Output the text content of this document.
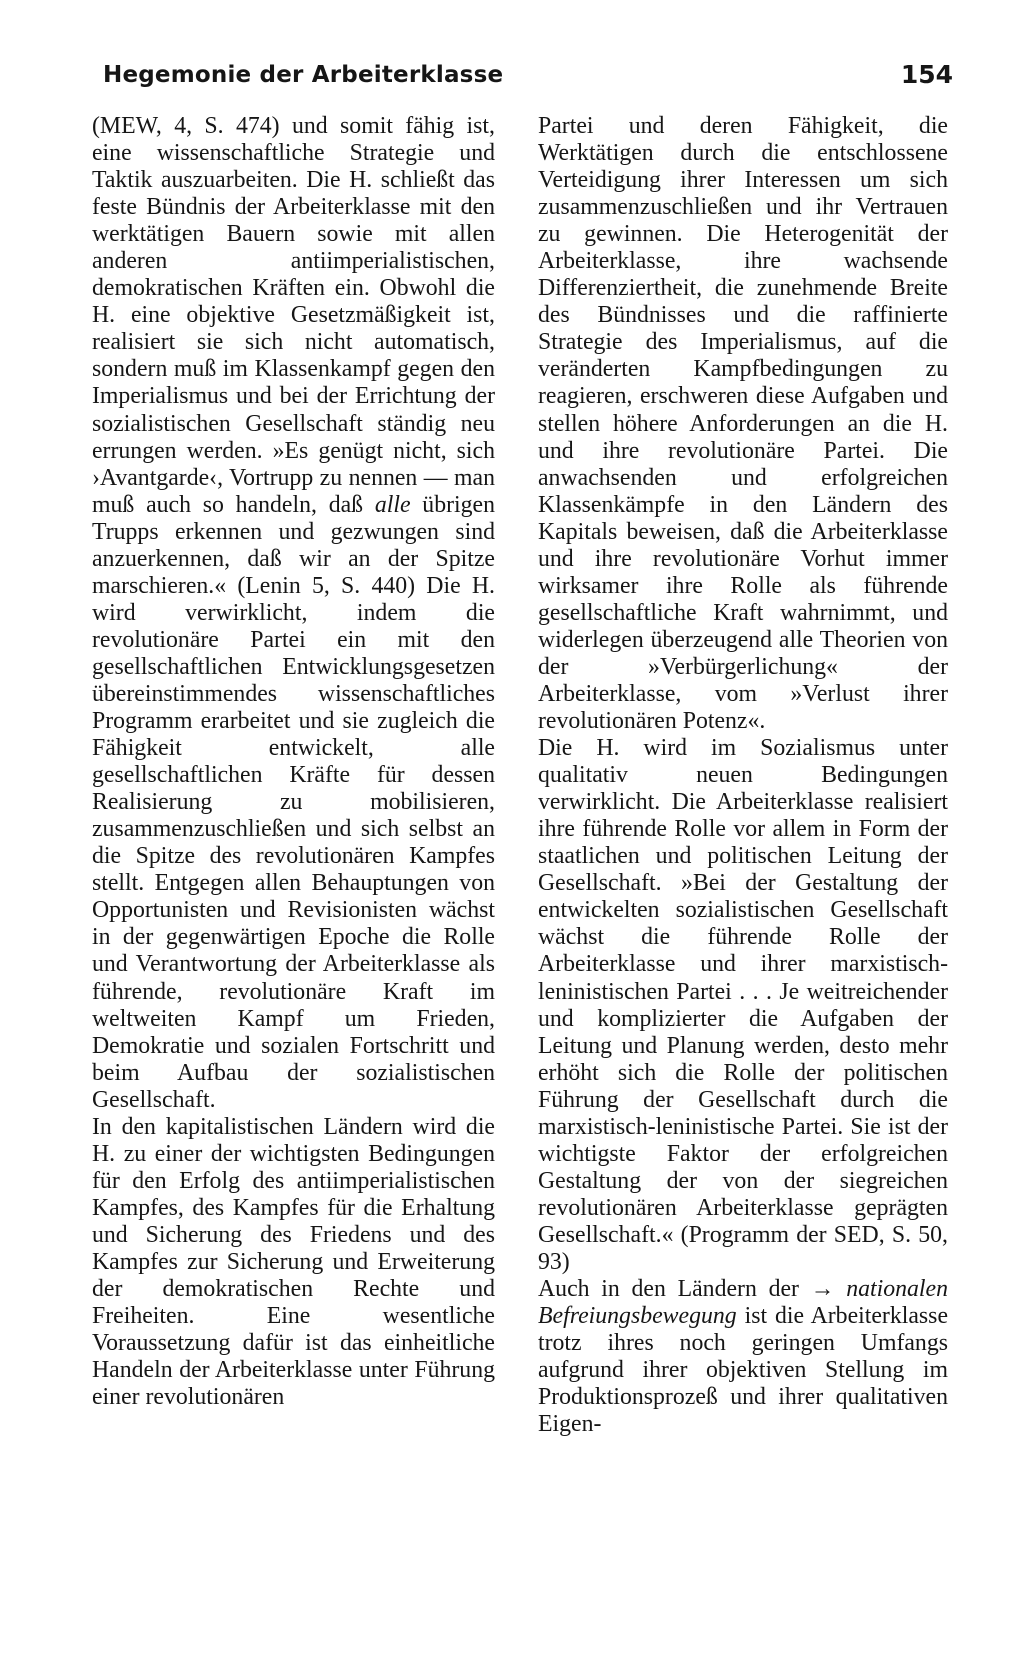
Hegemonie der Arbeiterklasse	154

(MEW, 4, S. 474) und somit fähig ist, eine wissenschaftliche Strategie und Taktik auszuarbeiten. Die H. schließt das feste Bündnis der Arbeiterklasse mit den werktätigen Bauern sowie mit allen anderen antiimperialistischen, demokratischen Kräften ein. Obwohl die H. eine objektive Gesetzmäßigkeit ist, realisiert sie sich nicht automatisch, sondern muß im Klassenkampf gegen den Imperialismus und bei der Errichtung der sozialistischen Gesellschaft ständig neu errungen werden. »Es genügt nicht, sich ›Avantgarde‹, Vortrupp zu nennen — man muß auch so handeln, daß alle übrigen Trupps erkennen und gezwungen sind anzuerkennen, daß wir an der Spitze marschieren.« (Lenin 5, S. 440) Die H. wird verwirklicht, indem die revolutionäre Partei ein mit den gesellschaftlichen Entwicklungsgesetzen übereinstimmendes wissenschaftliches Programm erarbeitet und sie zugleich die Fähigkeit entwickelt, alle gesellschaftlichen Kräfte für dessen Realisierung zu mobilisieren, zusammenzuschließen und sich selbst an die Spitze des revolutionären Kampfes stellt. Entgegen allen Behauptungen von Opportunisten und Revisionisten wächst in der gegenwärtigen Epoche die Rolle und Verantwortung der Arbeiterklasse als führende, revolutionäre Kraft im weltweiten Kampf um Frieden, Demokratie und sozialen Fortschritt und beim Aufbau der sozialistischen Gesellschaft.

In den kapitalistischen Ländern wird die H. zu einer der wichtigsten Bedingungen für den Erfolg des antiimperialistischen Kampfes, des Kampfes für die Erhaltung und Sicherung des Friedens und des Kampfes zur Sicherung und Erweiterung der demokratischen Rechte und Freiheiten. Eine wesentliche Voraussetzung dafür ist das einheitliche Handeln der Arbeiterklasse unter Führung einer revolutionären

Partei und deren Fähigkeit, die Werktätigen durch die entschlossene Verteidigung ihrer Interessen um sich zusammenzuschließen und ihr Vertrauen zu gewinnen. Die Heterogenität der Arbeiterklasse, ihre wachsende Differenziertheit, die zunehmende Breite des Bündnisses und die raffinierte Strategie des Imperialismus, auf die veränderten Kampfbedingungen zu reagieren, erschweren diese Aufgaben und stellen höhere Anforderungen an die H. und ihre revolutionäre Partei. Die anwachsenden und erfolgreichen Klassenkämpfe in den Ländern des Kapitals beweisen, daß die Arbeiterklasse und ihre revolutionäre Vorhut immer wirksamer ihre Rolle als führende gesellschaftliche Kraft wahrnimmt, und widerlegen überzeugend alle Theorien von der »Verbürgerlichung« der Arbeiterklasse, vom »Verlust ihrer revolutionären Potenz«.

Die H. wird im Sozialismus unter qualitativ neuen Bedingungen verwirklicht. Die Arbeiterklasse realisiert ihre führende Rolle vor allem in Form der staatlichen und politischen Leitung der Gesellschaft. »Bei der Gestaltung der entwickelten sozialistischen Gesellschaft wächst die führende Rolle der Arbeiterklasse und ihrer marxistisch-leninistischen Partei . . . Je weitreichender und komplizierter die Aufgaben der Leitung und Planung werden, desto mehr erhöht sich die Rolle der politischen Führung der Gesellschaft durch die marxistisch-leninistische Partei. Sie ist der wichtigste Faktor der erfolgreichen Gestaltung der von der siegreichen revolutionären Arbeiterklasse geprägten Gesellschaft.« (Programm der SED, S. 50, 93)

Auch in den Ländern der → nationalen Befreiungsbewegung ist die Arbeiterklasse trotz ihres noch geringen Umfangs aufgrund ihrer objektiven Stellung im Produktionsprozeß und ihrer qualitativen Eigen-
